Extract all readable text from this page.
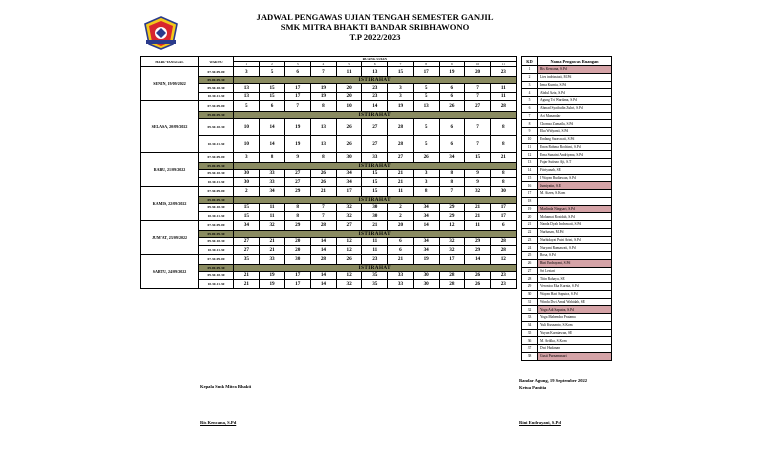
JADWAL PENGAWAS UJIAN TENGAH SEMESTER GANJIL
SMK MITRA BHAKTI BANDAR SRIBHAWONO
T.P 2022/2023
HARI/ TANGGAL	WAKTU	RUANG UJIAN										
		1	2	3	4	5	6	7	8	9	10	11
SENIN, 19/09/2022	07.30-09.00	3	5	6	7	11	13	15	17	19	20	23
	09.00-09.30	ISTIRAHAT										
	09.30-10.30	13	15	17	19	20	23	3	5	6	7	11
	10.30-11.30	13	15	17	19	20	23	3	5	6	7	11
SELASA, 20/09/2022	07.30-09.00	5	6	7	8	10	14	19	13	26	27	28
	09.00-09.30	ISTIRAHAT										
	09.30-10.30	10	14	19	13	26	27	28	5	6	7	8
	10.30-11.30	10	14	19	13	26	27	28	5	6	7	8
RABU, 21/09/2022	07.30-09.00	3	8	9	8	30	33	27	26	34	15	21
	09.00-09.30	ISTIRAHAT										
	09.30-10.30	30	33	27	26	34	15	21	3	8	9	8
	10.30-11.30	30	33	27	26	34	15	21	3	8	9	8
KAMIS, 22/09/2022	07.30-09.00	2	34	29	21	17	15	11	8	7	32	30
	09.00-09.30	ISTIRAHAT										
	09.30-10.30	15	11	8	7	32	30	2	34	29	21	17
	10.30-11.30	15	11	8	7	32	30	2	34	29	21	17
JUM'AT, 23/09/2022	07.30-09.00	34	32	29	28	27	21	20	14	12	11	6
	09.00-09.30	ISTIRAHAT										
	09.30-10.30	27	21	20	14	12	11	6	34	32	29	28
	10.30-11.30	27	21	20	14	12	11	6	34	32	29	28
SABTU, 24/09/2022	07.30-09.00	35	33	30	28	26	23	21	19	17	14	12
	09.00-09.30	ISTIRAHAT										
	09.30-10.30	21	19	17	14	12	35	33	30	28	26	23
	10.30-11.30	21	19	17	14	32	35	33	30	28	26	23
KD	Nama Pengawas Ruangan
1	Ris Kencana, S.Pd
2	Lies indriastuti, M.Pd
3	Irma Kurnia, S.Pd
4	Abdul Aziz, S.Pd
5	Agung Tri Wardana, S.Pd
6	Ahmad Syaifudin Zuhri, S.Pd
7	Ari Munandar
8	Chomsa Zumaila, S.Pd
9	Eka Widyanti, S.Pd
10	Endang Saraswati, S.Pd
11	Enon Rohma Rochimi, S.Pd
12	Erna Sunaini Andriyana, S.Pd
13	Fajar Sutisno Aji, S.T
14	Fitriyanah, SE
15	I Wayan Budiawan, S.Pd
16	Jumiyatin, S.E
17	M. Aizen, S.Kom
18	
19	Marlinda Ningsari, S.Pd
20	Mohamat Rosidah, S.Pd
21	Nanda Dyah Indrawati, S.Pd
22	Nurhasan, M.Pd
23	Nurhidayat Putri Arini, S.Pd
24	Nuryani Ramawati, S.Pd
25	Rosa, S.Pd
26	Rini Endrayani, S.Pd
27	Sri Lestari
28	Titin Rahayu, SE
29	Veronica Eka Kurnia, S.Pd
30	Wayan Hari Saputra, S.Pd
31	Windu Dwi Amal Wahidah, SE
32	Yoga Adi Saputra, S.Pd
33	Yoga Mahendra Pratama
34	Yuli Kusnanto, S.Kom
35	Yuyun Kurniawan, SE
36	M. Ardika, S.Kom
37	Dwi Hudanan
38	Gusti Purnamasari
Kepala Smk Mitra Bhakti
Ris Kencana, S.Pd
Bandar Agung, 19 September 2022
Ketua Panitia
Rini Endrayani, S.Pd
